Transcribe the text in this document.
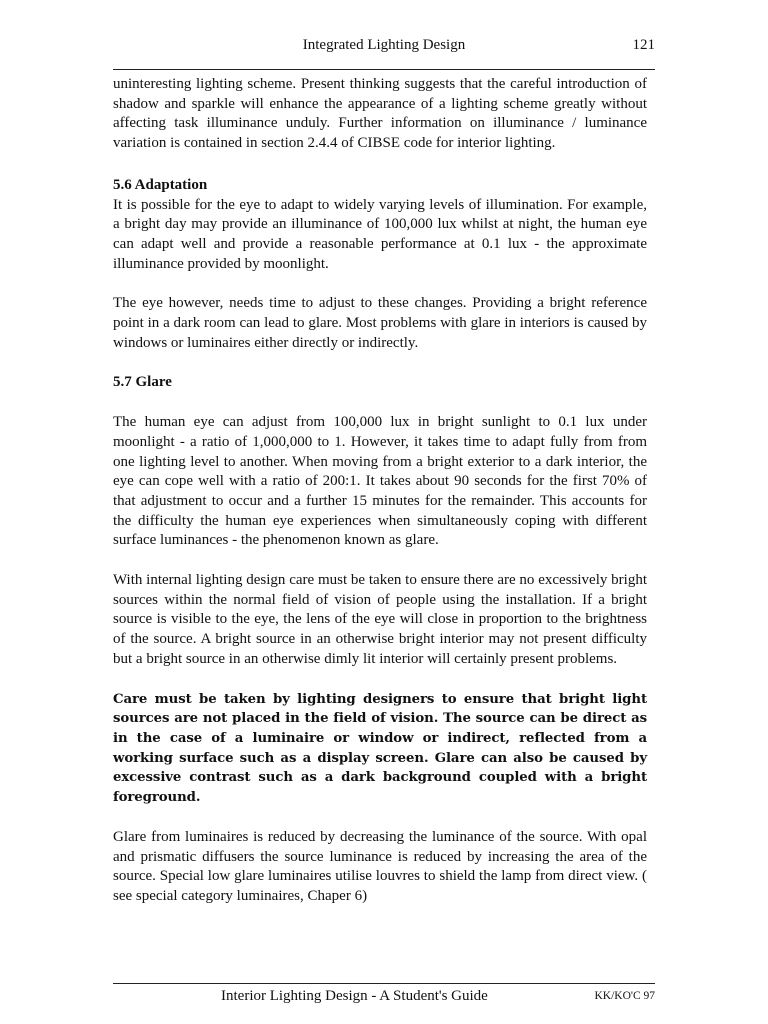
Integrated Lighting Design	121

uninteresting lighting scheme. Present thinking suggests that the careful introduction of shadow and sparkle will enhance the appearance of a lighting scheme greatly without affecting task illuminance unduly. Further information on illuminance / luminance variation is contained in section 2.4.4 of CIBSE code for interior lighting.

5.6 Adaptation

It is possible for the eye to adapt to widely varying levels of illumination. For example, a bright day may provide an illuminance of 100,000 lux whilst at night, the human eye can adapt well and provide a reasonable performance at 0.1 lux - the approximate illuminance provided by moonlight.

The eye however, needs time to adjust to these changes. Providing a bright reference point in a dark room can lead to glare. Most problems with glare in interiors is caused by windows or luminaires either directly or indirectly.

5.7 Glare

The human eye can adjust from 100,000 lux in bright sunlight to 0.1 lux under moonlight - a ratio of 1,000,000 to 1. However, it takes time to adapt fully from from one lighting level to another. When moving from a bright exterior to a dark interior, the eye can cope well with a ratio of 200:1. It takes about 90 seconds for the first 70% of that adjustment to occur and a further 15 minutes for the remainder. This accounts for the difficulty the human eye experiences when simultaneously coping with different surface luminances - the phenomenon known as glare.

With internal lighting design care must be taken to ensure there are no excessively bright sources within the normal field of vision of people using the installation. If a bright source is visible to the eye, the lens of the eye will close in proportion to the brightness of the source. A bright source in an otherwise bright interior may not present difficulty but a bright source in an otherwise dimly lit interior will certainly present problems.

Care must be taken by lighting designers to ensure that bright light sources are not placed in the field of vision. The source can be direct as in the case of a luminaire or window or indirect, reflected from a working surface such as a display screen. Glare can also be caused by excessive contrast such as a dark background coupled with a bright foreground.

Glare from luminaires is reduced by decreasing the luminance of the source. With opal and prismatic diffusers the source luminance is reduced by increasing the area of the source. Special low glare luminaires utilise louvres to shield the lamp from direct view. ( see special category luminaires, Chaper 6)

Interior Lighting Design - A Student's Guide	KK/KO'C 97
